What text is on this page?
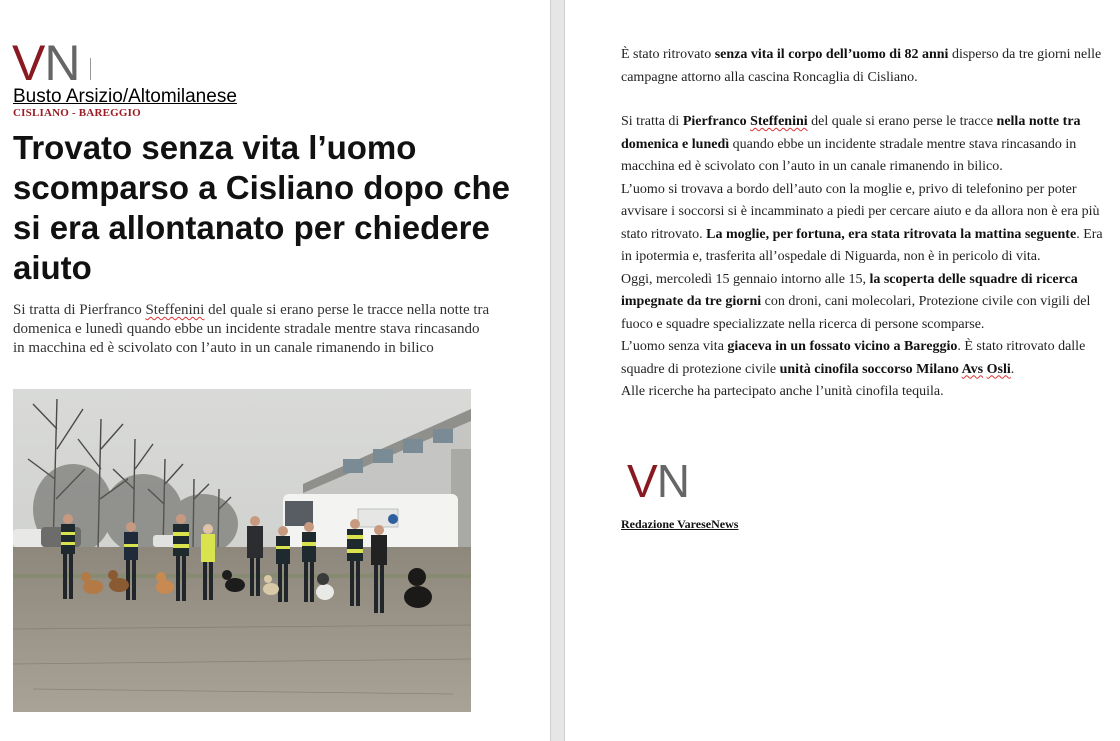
VN
Busto Arsizio/Altomilanese
CISLIANO - BAREGGIO
Trovato senza vita l’uomo scomparso a Cisliano dopo che si era allontanato per chiedere aiuto

Si tratta di Pierfranco Steffenini del quale si erano perse le tracce nella notte tra domenica e lunedì quando ebbe un incidente stradale mentre stava rincasando in macchina ed è scivolato con l’auto in un canale rimanendo in bilico

È stato ritrovato senza vita il corpo dell’uomo di 82 anni disperso da tre giorni nelle campagne attorno alla cascina Roncaglia di Cisliano.

Si tratta di Pierfranco Steffenini del quale si erano perse le tracce nella notte tra domenica e lunedì quando ebbe un incidente stradale mentre stava rincasando in macchina ed è scivolato con l’auto in un canale rimanendo in bilico.

L’uomo si trovava a bordo dell’auto con la moglie e, privo di telefonino per poter avvisare i soccorsi si è incamminato a piedi per cercare aiuto e da allora non è era più stato ritrovato. La moglie, per fortuna, era stata ritrovata la mattina seguente. Era in ipotermia e, trasferita all’ospedale di Niguarda, non è in pericolo di vita.

Oggi, mercoledì 15 gennaio intorno alle 15, la scoperta delle squadre di ricerca impegnate da tre giorni con droni, cani molecolari, Protezione civile con vigili del fuoco e squadre specializzate nella ricerca di persone scomparse.

L’uomo senza vita giaceva in un fossato vicino a Bareggio. È stato ritrovato dalle squadre di protezione civile unità cinofila soccorso Milano Avs Osli.

Alle ricerche ha partecipato anche l’unità cinofila tequila.

VN
Redazione VareseNews
